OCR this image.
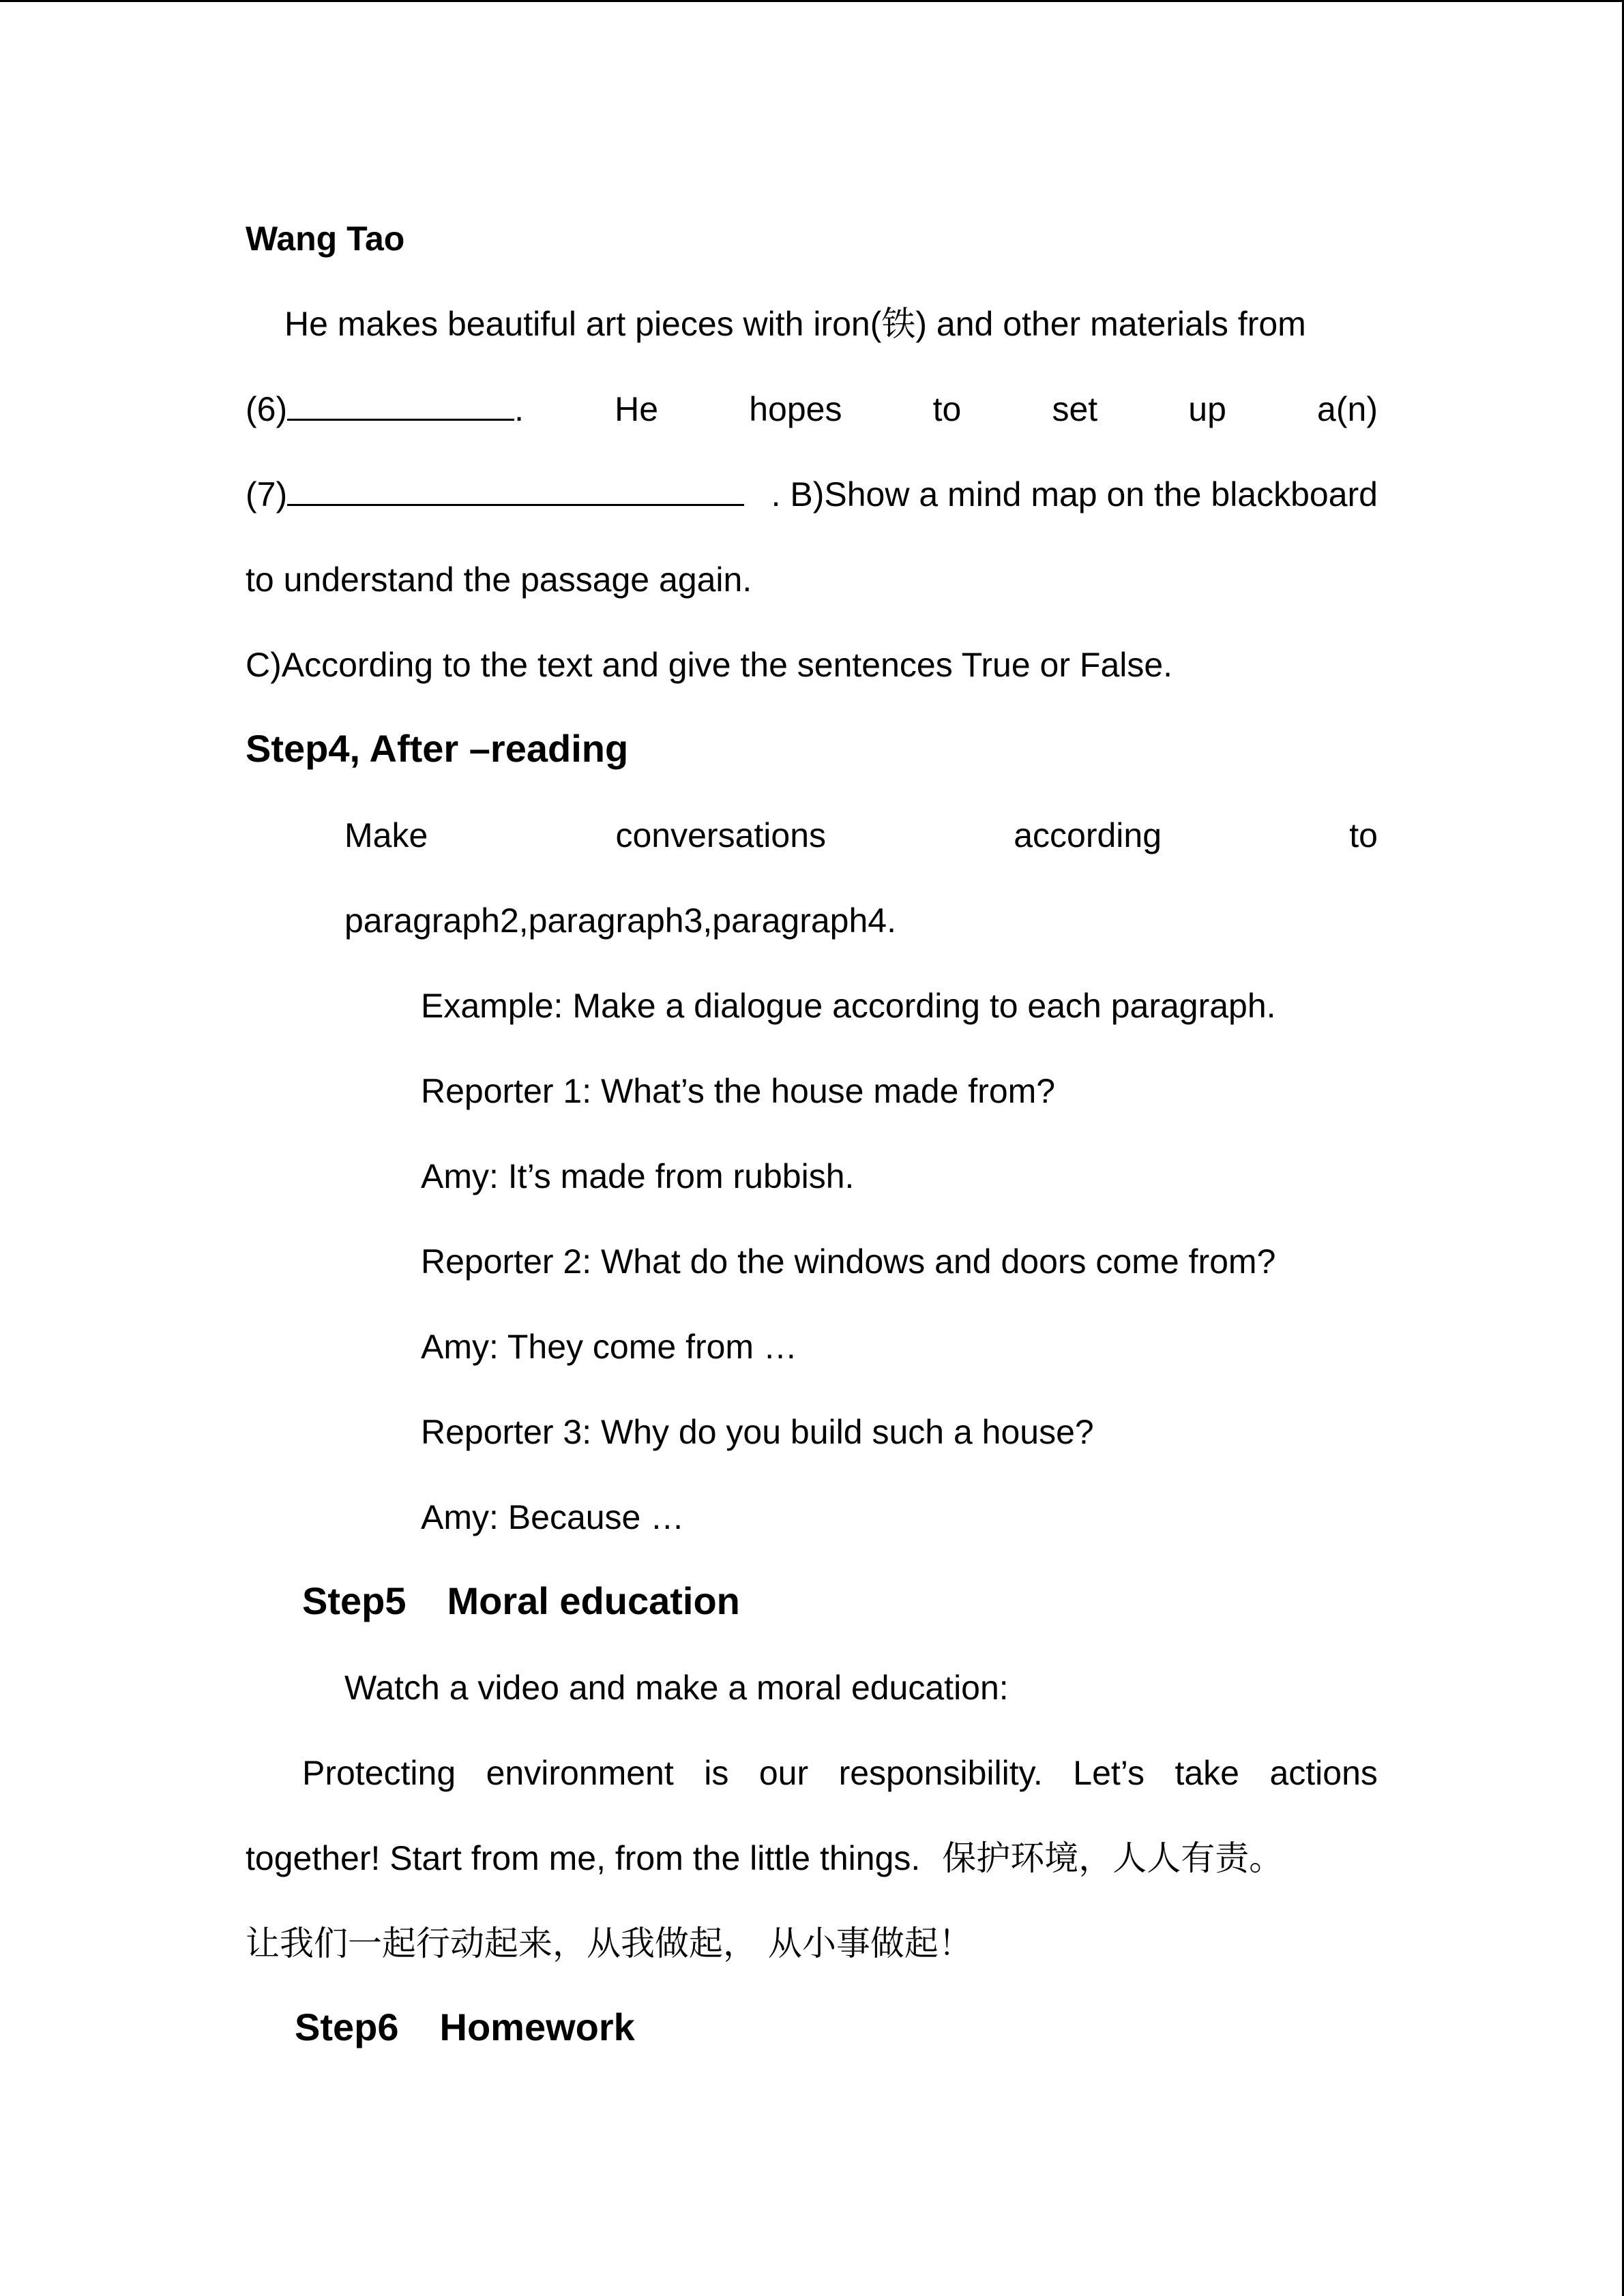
Wang Tao
He makes beautiful art pieces with iron(铁) and other materials from
(6)	.	He	hopes	to	set	up	a(n)
(7)	. B)Show a mind map on the blackboard
to understand the passage again.
C)According to the text and give the sentences True or False.
Step4, After –reading
Make	conversations	according	to
paragraph2,paragraph3,paragraph4.
Example: Make a dialogue according to each paragraph.
Reporter 1: What’s the house made from?
Amy: It’s made from rubbish.
Reporter 2: What do the windows and doors come from?
Amy: They come from …
Reporter 3: Why do you build such a house?
Amy: Because …
Step5 Moral education
Watch a video and make a moral education:
Protecting environment is our responsibility. Let’s take actions
together! Start from me, from the little things. 保护环境，人人有责。
让我们一起行动起来，从我做起， 从小事做起！
Step6 Homework
